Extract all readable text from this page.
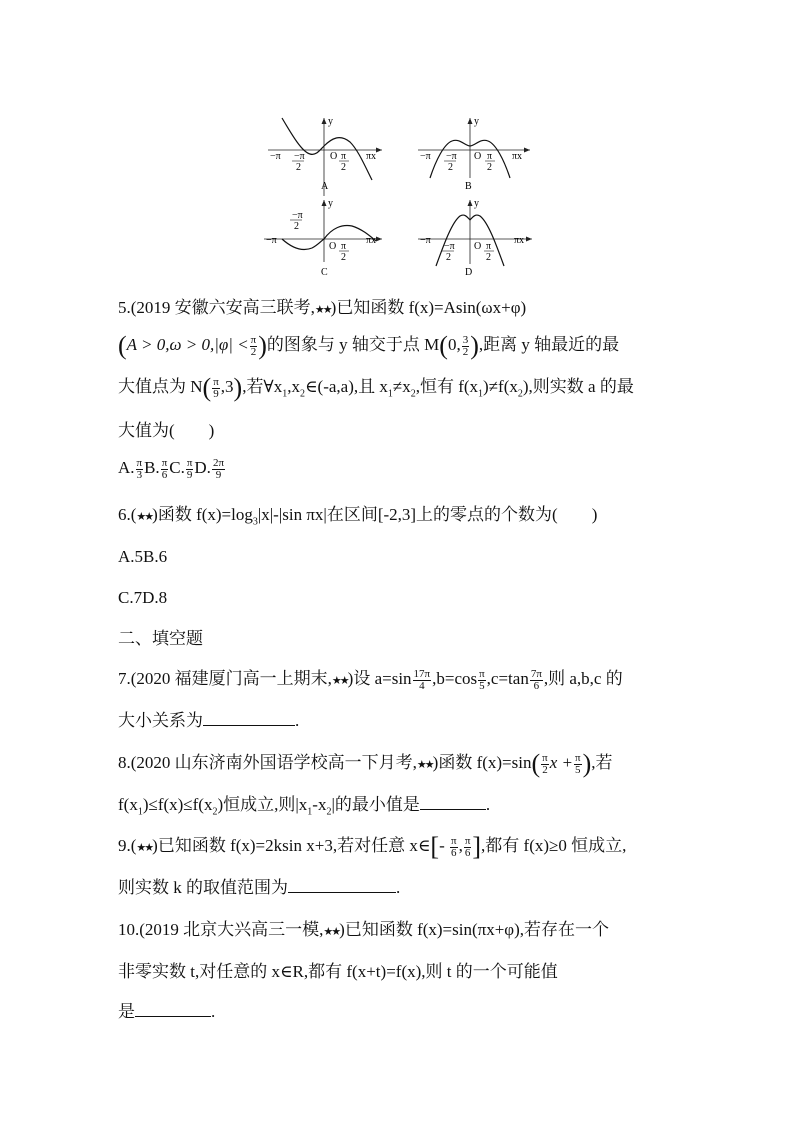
y
−π −π
2
O π
2
πx
A
y
−π −π
2
O π
2
πx
B
y
−π
−π
2
O π
2
πx
C
y
−π
−π
2
O π
2
πx
D
5.(2019 安徽六安高三联考,★★)已知函数 f(x)=Asin(ωx+φ)
($A > 0,\omega > 0,|\varphi| < \frac{\pi}{2}$ )的图象与 y 轴交于点 M(0, $\frac{3}{2}$ ),距离 y 轴最近的最
大值点为 $N( \frac{\pi}{9} ,3)$,若$\forall x_1,x_2\in(-a,a)$,且 $x_1\ne x_2$,恒有 $f(x_1)\ne f(x_2)$,则实数 a 的最
大值为(　　)
A. $\frac{\pi}{3} B$. $\frac{\pi}{6} C$. $\frac{\pi}{9} D$. $\frac{2\pi}{9}$
6.(★★)函数 $f(x)=\log_3|x|-|\sin$ πx|在区间[-2,3]上的零点的个数为(　　)
A.5B.6
C.7D.8
二、填空题
7.(2020 福建厦门高一上期末,★★)设 $a=\sin \frac{17\pi}{4} ,b=\cos \frac{\pi}{5} ,c=\tan \frac{7\pi}{6}$ ,则 a,b,c 的
大小关系为	.
8.(2020 山东济南外国语学校高一下月考,★★)函数 $f(x)=\sin( \frac{\pi}{2}$ $x + \frac{\pi}{5}$ ),若
$f(x_1)\le f(x)\le f(x_2)$恒成立,则$|x_1-x_2|$的最小值是	.
9.(★★)已知函数 f(x)=2ksin x+3,若对任意 x∈[- $\frac{\pi}{6}$ , $\frac{\pi}{6}$ ],都有 f(x)≥0 恒成立,
则实数 k 的取值范围为	.
10.(2019 北京大兴高三一模,★★)已知函数 f(x)=sin(πx+φ),若存在一个
非零实数 t,对任意的 x∈R,都有 f(x+t)=f(x),则 t 的一个可能值
是	.
